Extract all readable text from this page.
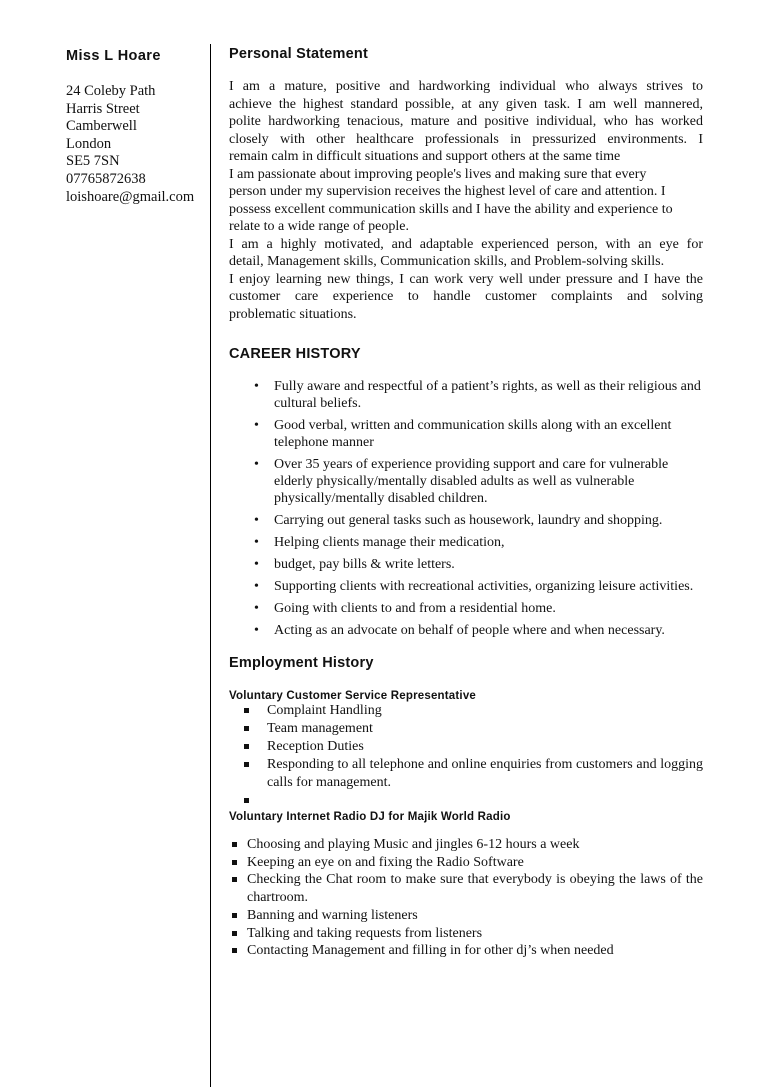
Miss L Hoare
24 Coleby Path
Harris Street
Camberwell
London
SE5 7SN
07765872638
loishoare@gmail.com
Personal Statement
I am a mature, positive and hardworking individual who always strives to
achieve the highest standard possible, at any given task. I am well mannered,
polite hardworking tenacious, mature and positive individual, who has worked
closely with other healthcare professionals in pressurized environments. I
remain calm in difficult situations and support others at the same time
I am passionate about improving people's lives and making sure that every
person under my supervision receives the highest level of care and attention. I
possess excellent communication skills and I have the ability and experience to
relate to a wide range of people.
I am a highly motivated, and adaptable experienced person, with an eye for
detail, Management skills, Communication skills, and Problem-solving skills.
I enjoy learning new things, I can work very well under pressure and I have the
customer care experience to handle customer complaints and solving
problematic situations.
CAREER HISTORY
• Fully aware and respectful of a patient’s rights, as well as their religious and cultural beliefs.
• Good verbal, written and communication skills along with an excellent telephone manner
• Over 35 years of experience providing support and care for vulnerable elderly physically/mentally disabled adults as well as vulnerable physically/mentally disabled children.
• Carrying out general tasks such as housework, laundry and shopping.
• Helping clients manage their medication,
• budget, pay bills & write letters.
• Supporting clients with recreational activities, organizing leisure activities.
• Going with clients to and from a residential home.
• Acting as an advocate on behalf of people where and when necessary.
Employment History
Voluntary Customer Service Representative
Complaint Handling
Team management
Reception Duties
Responding to all telephone and online enquiries from customers and logging calls for management.
Voluntary Internet Radio DJ for Majik World Radio
Choosing and playing Music and jingles 6-12 hours a week
Keeping an eye on and fixing the Radio Software
Checking the Chat room to make sure that everybody is obeying the laws of the chartroom.
Banning and warning listeners
Talking and taking requests from listeners
Contacting Management and filling in for other dj’s when needed
